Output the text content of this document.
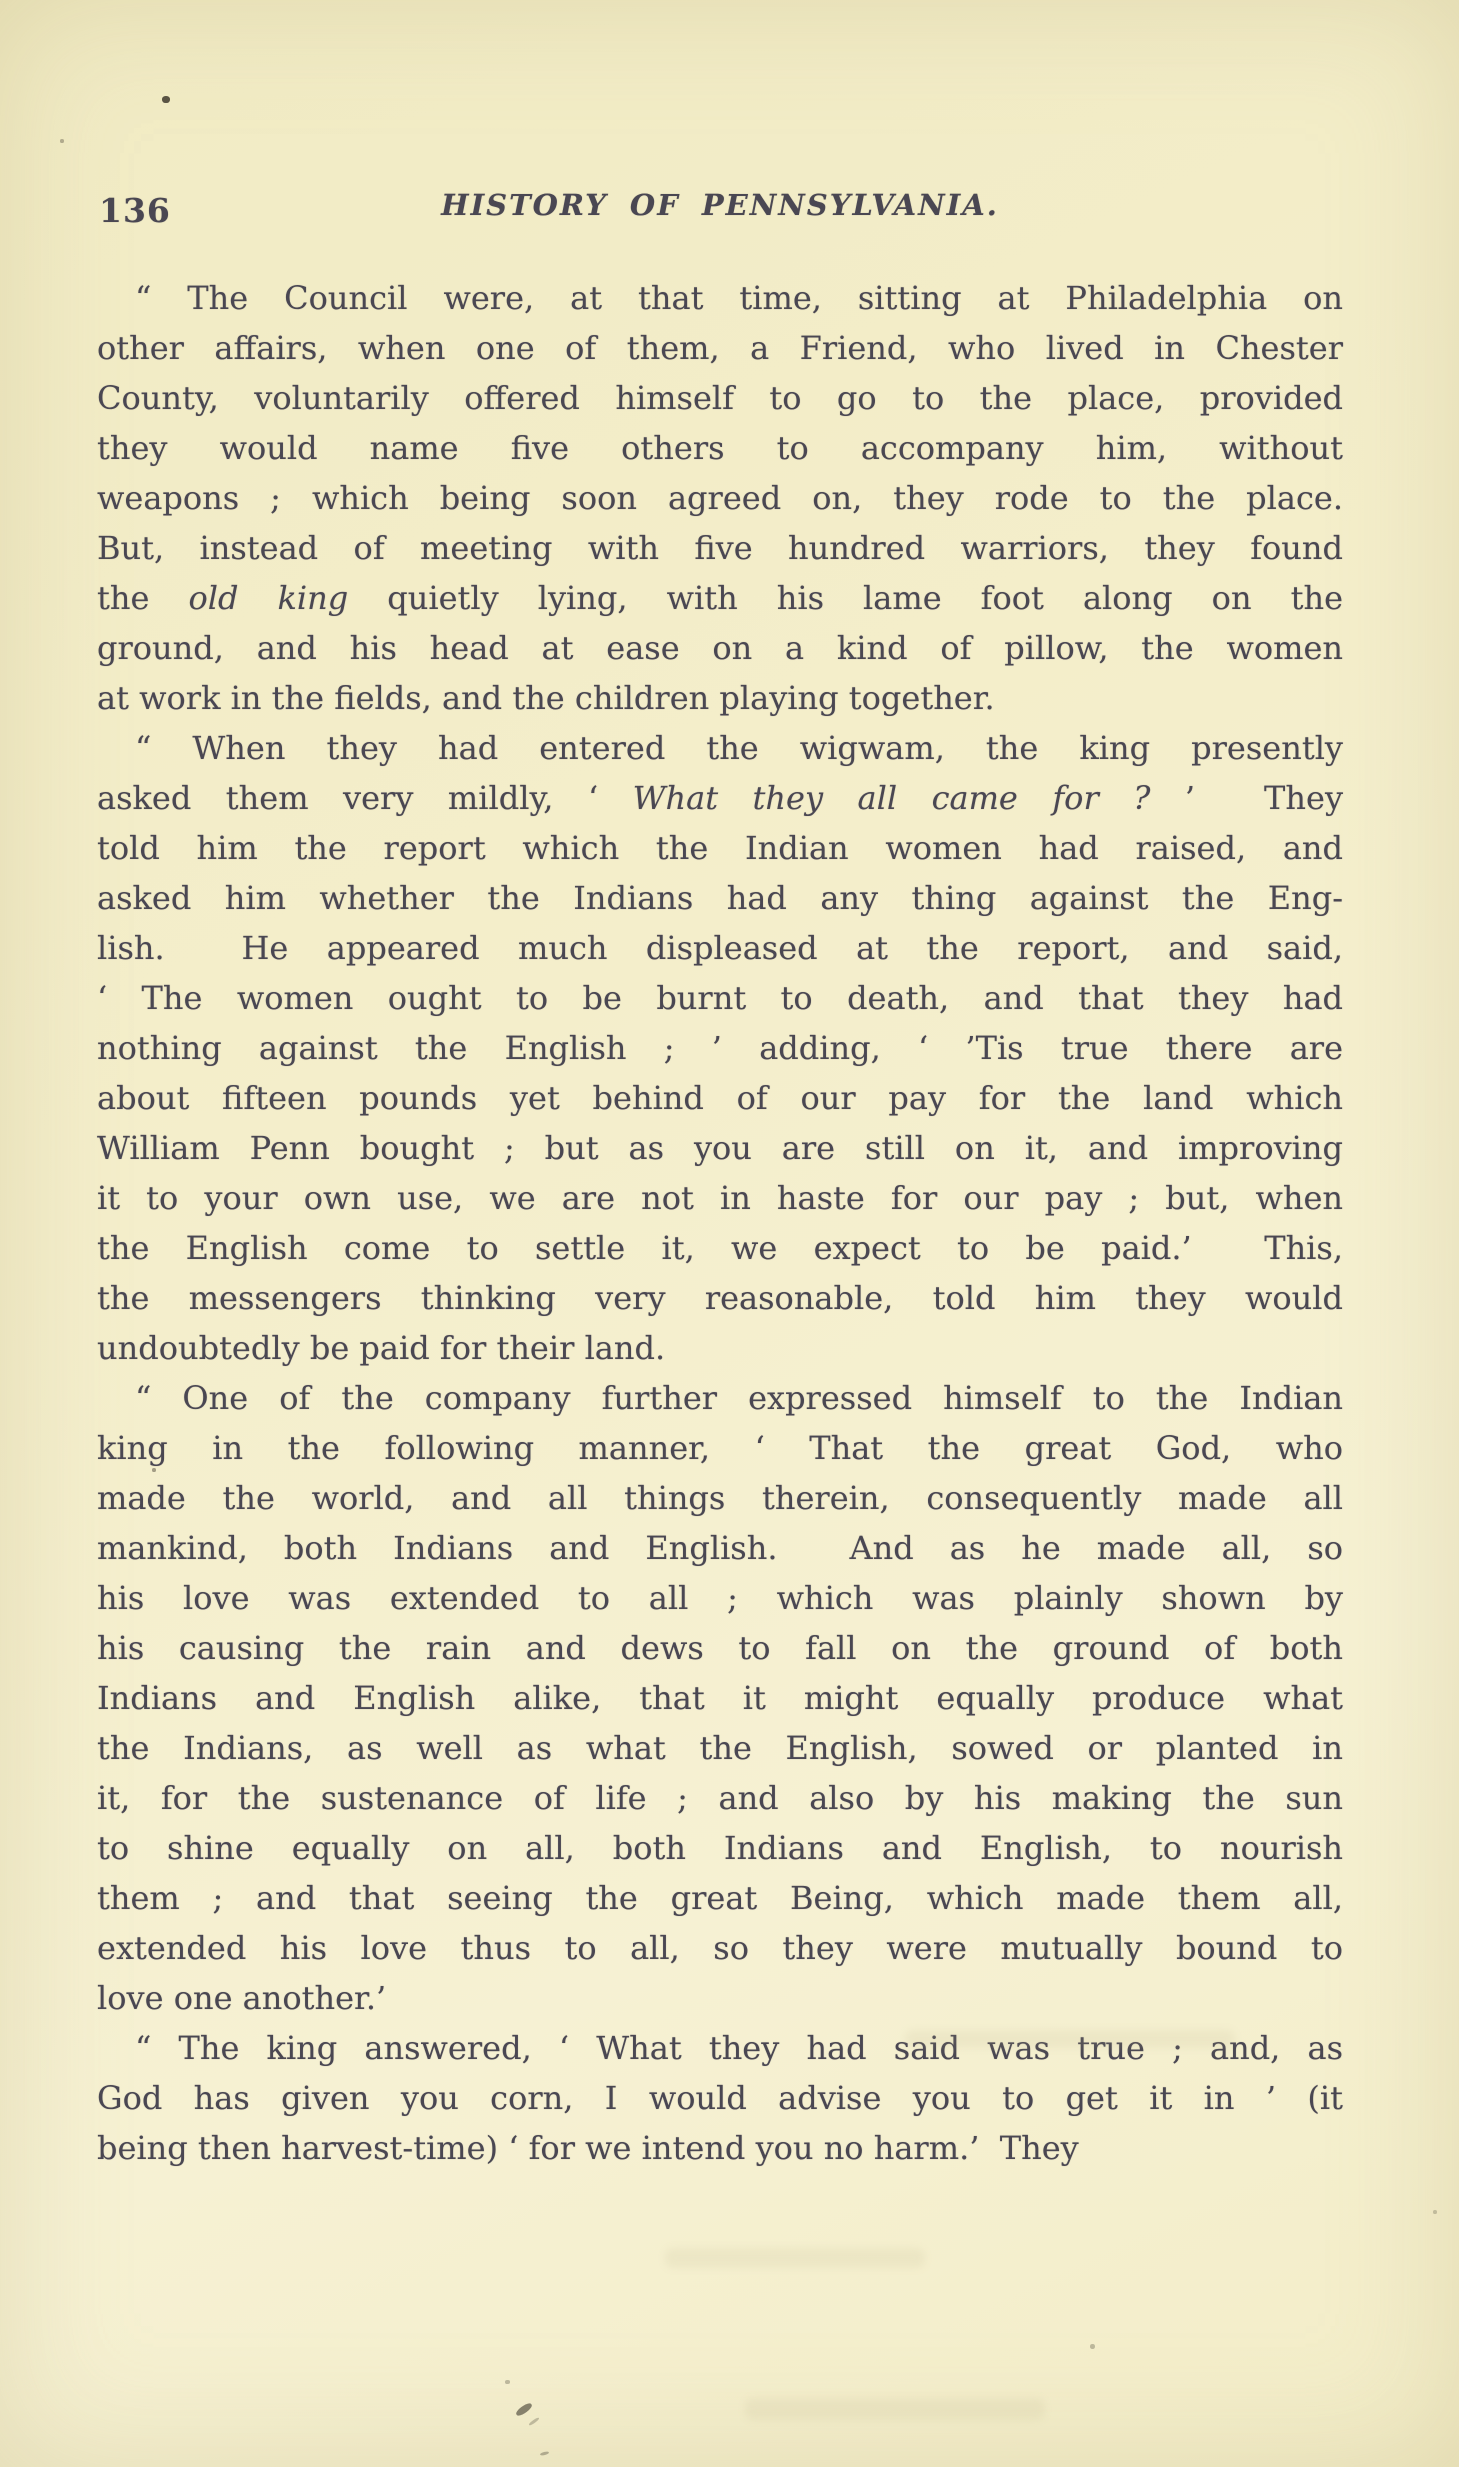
136	HISTORY OF PENNSYLVANIA.
“ The Council were, at that time, sitting at Philadelphia on
other affairs, when one of them, a Friend, who lived in Chester
County, voluntarily offered himself to go to the place, provided
they would name five others to accompany him, without
weapons ; which being soon agreed on, they rode to the place.
But, instead of meeting with five hundred warriors, they found
the old king quietly lying, with his lame foot along on the
ground, and his head at ease on a kind of pillow, the women
at work in the fields, and the children playing together.
“ When they had entered the wigwam, the king presently
asked them very mildly, ‘ What they all came for ? ’  They
told him the report which the Indian women had raised, and
asked him whether the Indians had any thing against the Eng-
lish.  He appeared much displeased at the report, and said,
‘ The women ought to be burnt to death, and that they had
nothing against the English ; ’ adding, ‘ ’Tis true there are
about fifteen pounds yet behind of our pay for the land which
William Penn bought ; but as you are still on it, and improving
it to your own use, we are not in haste for our pay ; but, when
the English come to settle it, we expect to be paid.’  This,
the messengers thinking very reasonable, told him they would
undoubtedly be paid for their land.
“ One of the company further expressed himself to the Indian
king in the following manner, ‘ That the great God, who
made the world, and all things therein, consequently made all
mankind, both Indians and English.  And as he made all, so
his love was extended to all ; which was plainly shown by
his causing the rain and dews to fall on the ground of both
Indians and English alike, that it might equally produce what
the Indians, as well as what the English, sowed or planted in
it, for the sustenance of life ; and also by his making the sun
to shine equally on all, both Indians and English, to nourish
them ; and that seeing the great Being, which made them all,
extended his love thus to all, so they were mutually bound to
love one another.’
“ The king answered, ‘ What they had said was true ; and, as
God has given you corn, I would advise you to get it in ’ (it
being then harvest-time) ‘ for we intend you no harm.’  They
